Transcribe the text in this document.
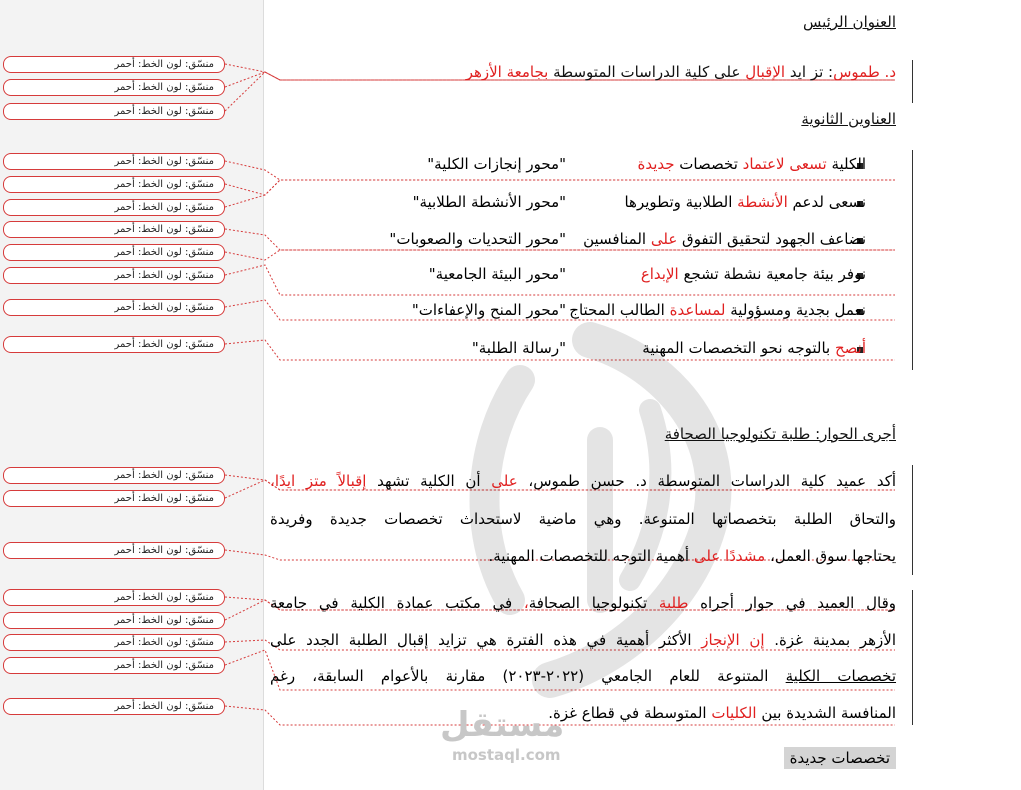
منسّق: لون الخط: أحمر
منسّق: لون الخط: أحمر
منسّق: لون الخط: أحمر
منسّق: لون الخط: أحمر
منسّق: لون الخط: أحمر
منسّق: لون الخط: أحمر
منسّق: لون الخط: أحمر
منسّق: لون الخط: أحمر
منسّق: لون الخط: أحمر
منسّق: لون الخط: أحمر
منسّق: لون الخط: أحمر
منسّق: لون الخط: أحمر
منسّق: لون الخط: أحمر
منسّق: لون الخط: أحمر
منسّق: لون الخط: أحمر
منسّق: لون الخط: أحمر
منسّق: لون الخط: أحمر
منسّق: لون الخط: أحمر
منسّق: لون الخط: أحمر	مستقل
mostaql.com
العنوان الرئيس
د. طموس: تز ايد الإقبال على كلية الدراسات المتوسطة بجامعة الأزهر
العناوين الثانوية
الكلية تسعى لاعتماد تخصصات جديدة
"محور إنجازات الكلية"
نسعى لدعم الأنشطة الطلابية وتطويرها
"محور الأنشطة الطلابية"
نضاعف الجهود لتحقيق التفوق على المنافسين
"محور التحديات والصعوبات"
نوفر بيئة جامعية نشطة تشجع الإبداع
"محور البيئة الجامعية"
نعمل بجدية ومسؤولية لمساعدة الطالب المحتاج
"محور المنح والإعفاءات"
أنصح بالتوجه نحو التخصصات المهنية
"رسالة الطلبة"
أجرى الحوار: طلبة تكنولوجيا الصحافة
أكد عميد كلية الدراسات المتوسطة د. حسن طموس، على أن الكلية تشهد إقبالاً متز ايدًا،
والتحاق الطلبة بتخصصاتها المتنوعة. وهي ماضية لاستحداث تخصصات جديدة وفريدة
يحتاجها سوق العمل، مشددًا على أهمية التوجه للتخصصات المهنية.
وقال العميد في حوار أجراه طلبة تكنولوجيا الصحافة، في مكتب عمادة الكلية في جامعة
الأزهر بمدينة غزة. إن الإنجاز الأكثر أهمية في هذه الفترة هي تزايد إقبال الطلبة الجدد على
تخصصات الكلية المتنوعة للعام الجامعي (٢٠٢٢-٢٠٢٣) مقارنة بالأعوام السابقة، رغم
المنافسة الشديدة بين الكليات المتوسطة في قطاع غزة.
تخصصات جديدة
